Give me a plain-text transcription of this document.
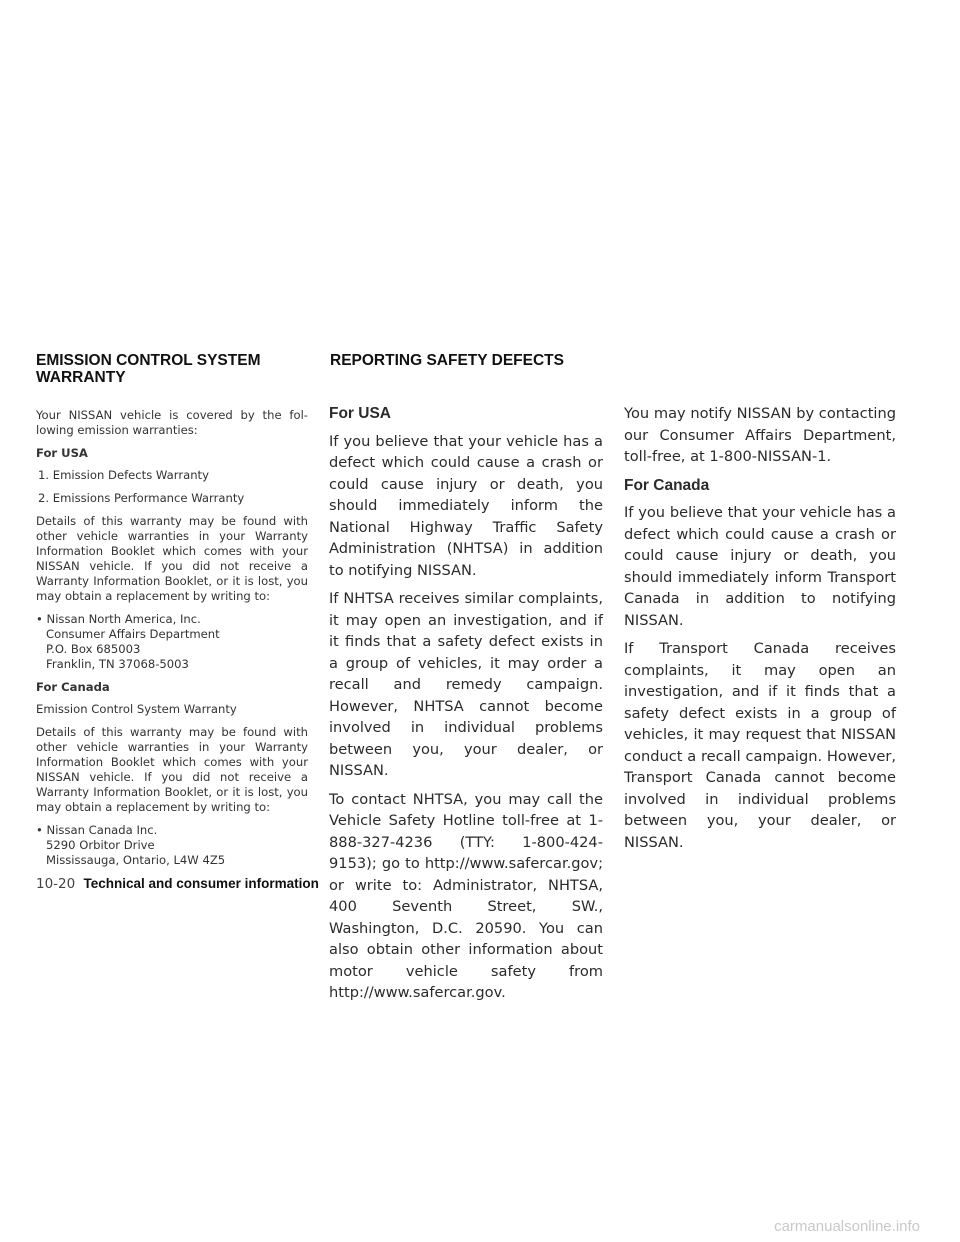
EMISSION CONTROL SYSTEM WARRANTY

Your NISSAN vehicle is covered by the fol-lowing emission warranties:

For USA

1. Emission Defects Warranty

2. Emissions Performance Warranty

Details of this warranty may be found with other vehicle warranties in your Warranty Information Booklet which comes with your NISSAN vehicle. If you did not receive a Warranty Information Booklet, or it is lost, you may obtain a replacement by writing to:

• Nissan North America, Inc.
Consumer Affairs Department
P.O. Box 685003
Franklin, TN 37068-5003

For Canada

Emission Control System Warranty

Details of this warranty may be found with other vehicle warranties in your Warranty Information Booklet which comes with your NISSAN vehicle. If you did not receive a Warranty Information Booklet, or it is lost, you may obtain a replacement by writing to:

• Nissan Canada Inc.
5290 Orbitor Drive
Mississauga, Ontario, L4W 4Z5
REPORTING SAFETY DEFECTS

For USA

If you believe that your vehicle has a defect which could cause a crash or could cause injury or death, you should immediately inform the National Highway Traffic Safety Administration (NHTSA) in addition to notifying NISSAN.

If NHTSA receives similar complaints, it may open an investigation, and if it finds that a safety defect exists in a group of vehicles, it may order a recall and remedy campaign. However, NHTSA cannot become involved in individual problems between you, your dealer, or NISSAN.

To contact NHTSA, you may call the Vehicle Safety Hotline toll-free at 1-888-327-4236 (TTY: 1-800-424-9153); go to http://www.safercar.gov; or write to: Administrator, NHTSA, 400 Seventh Street, SW., Washington, D.C. 20590. You can also obtain other information about motor vehicle safety from http://www.safercar.gov.

You may notify NISSAN by contacting our Consumer Affairs Department, toll-free, at 1-800-NISSAN-1.

For Canada

If you believe that your vehicle has a defect which could cause a crash or could cause injury or death, you should immediately inform Transport Canada in addition to notifying NISSAN.

If Transport Canada receives complaints, it may open an investigation, and if it finds that a safety defect exists in a group of vehicles, it may request that NISSAN conduct a recall campaign. However, Transport Canada cannot become involved in individual problems between you, your dealer, or NISSAN.

10-20 Technical and consumer information
carmanualsonline.info
